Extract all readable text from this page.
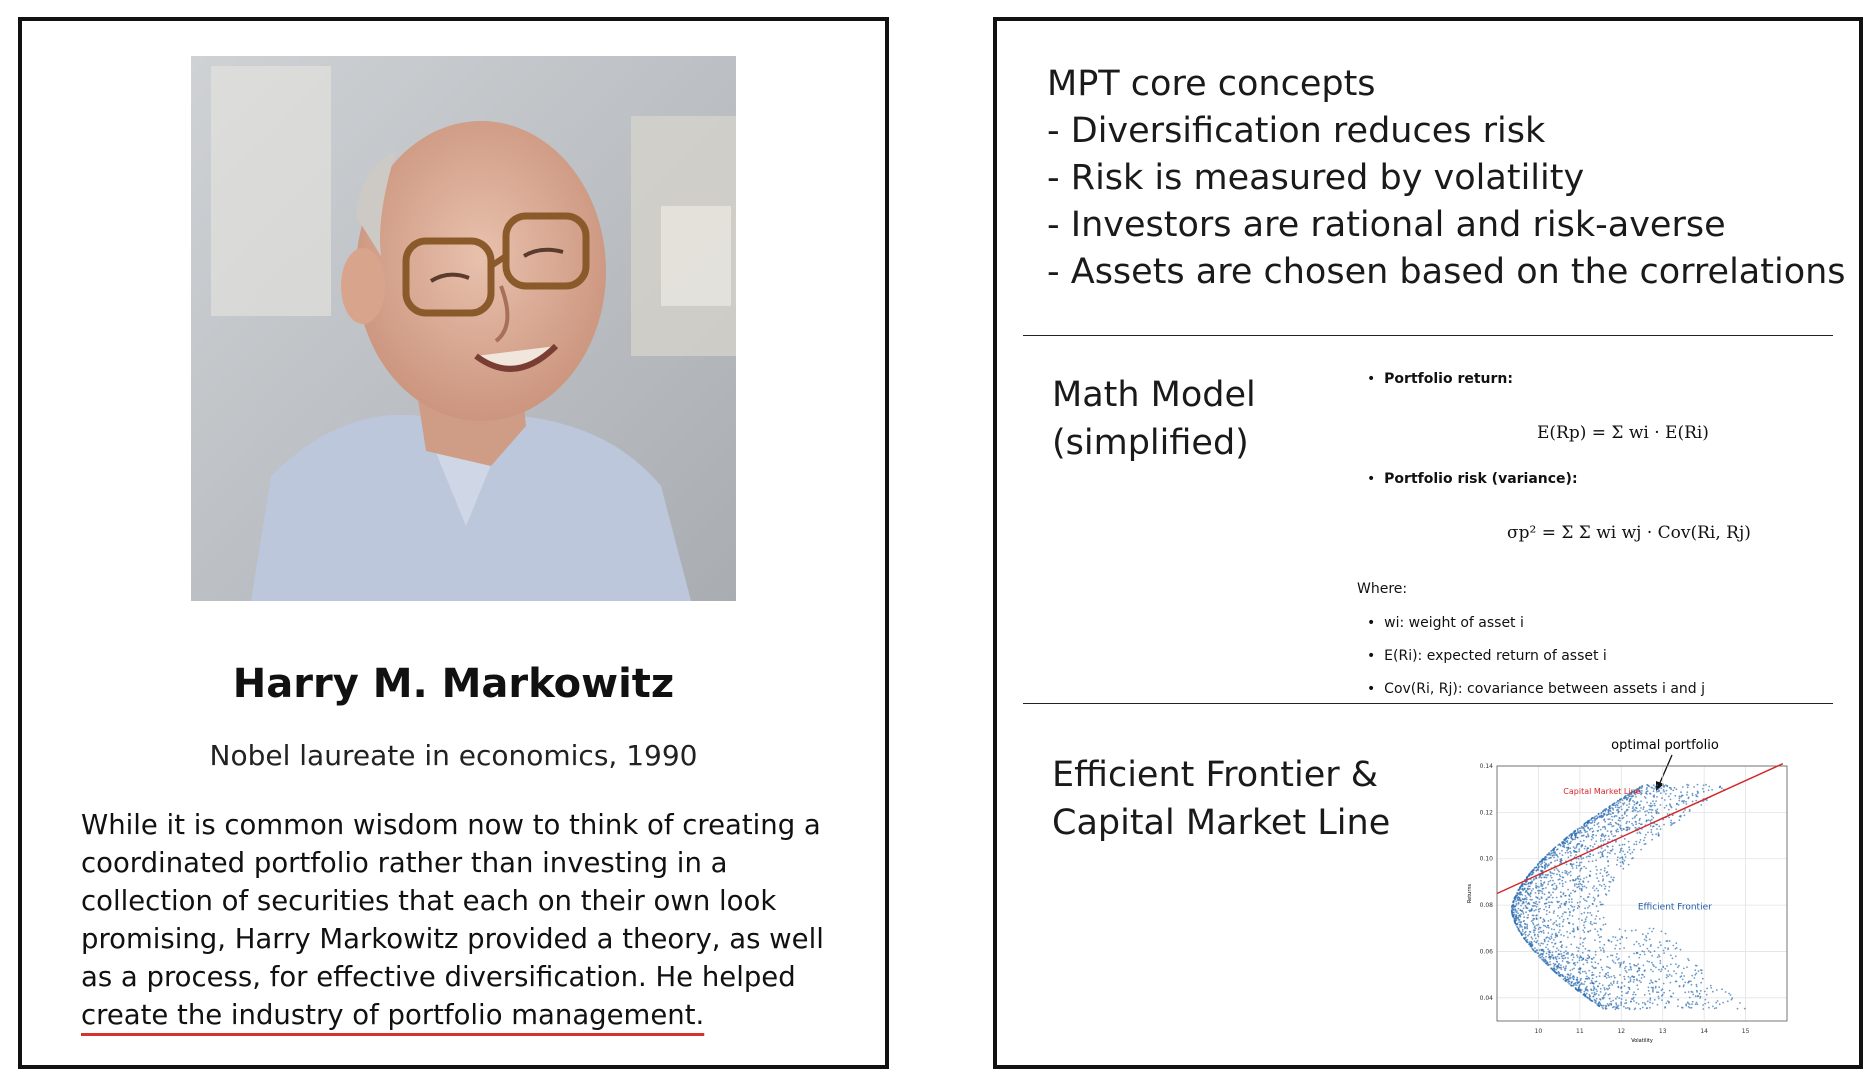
Harry M. Markowitz
Nobel laureate in economics, 1990
While it is common wisdom now to think of creating a
coordinated portfolio rather than investing in a
collection of securities that each on their own look
promising, Harry Markowitz provided a theory, as well
as a process, for effective diversification. He helped
create the industry of portfolio management.
MPT core concepts
- Diversification reduces risk
- Risk is measured by volatility
- Investors are rational and risk-averse
- Assets are chosen based on the correlations
Math Model (simplified)
•  Portfolio return:
E(Rp) = Σ wi · E(Ri)
•  Portfolio risk (variance):
σp² = Σ Σ wi wj · Cov(Ri, Rj)
Where:
•  wi: weight of asset i
•  E(Ri): expected return of asset i
•  Cov(Ri, Rj): covariance between assets i and j
Efficient Frontier & Capital Market Line
optimal portfolio
10	11	12	13	14	15
0.04
0.06
0.08
0.10
0.12
0.14
Capital Market Line
Efficient Frontier
Volatility
Returns
